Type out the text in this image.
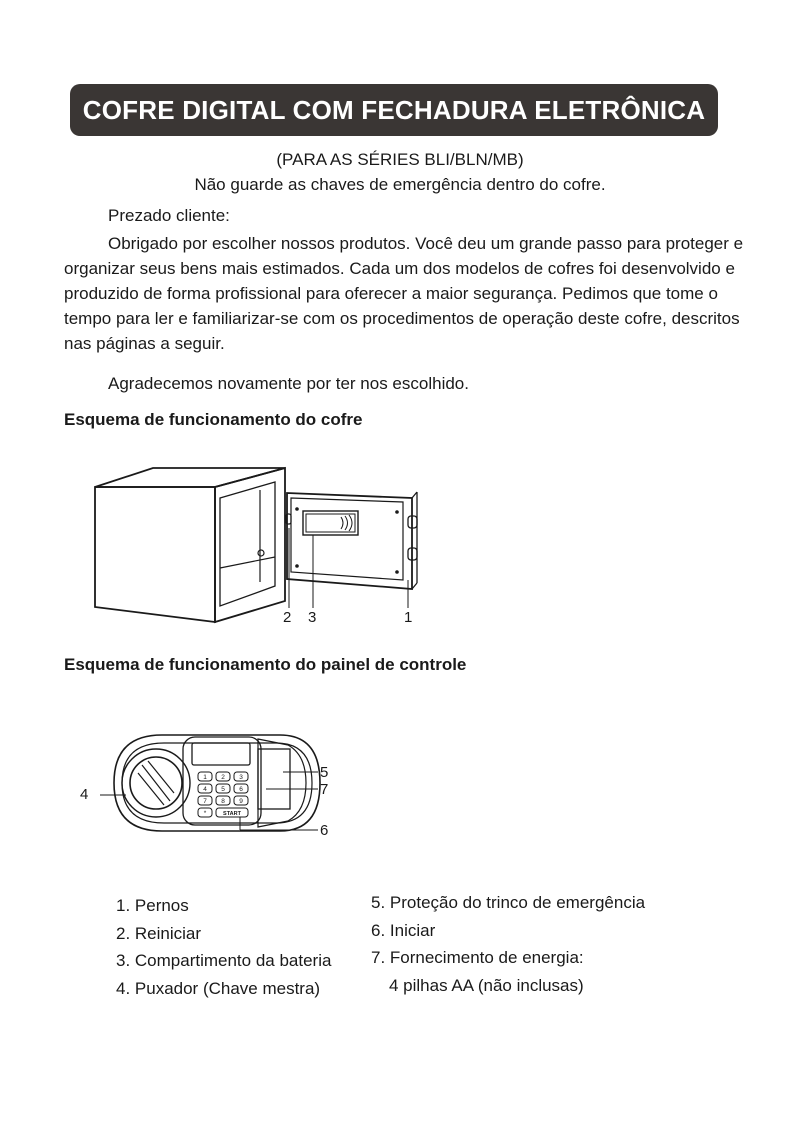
COFRE DIGITAL COM FECHADURA ELETRÔNICA
(PARA AS SÉRIES BLI/BLN/MB)
Não guarde as chaves de emergência dentro do cofre.

Prezado cliente:

Obrigado por escolher nossos produtos. Você deu um grande passo para proteger e organizar seus bens mais estimados. Cada um dos modelos de cofres foi desenvolvido e produzido de forma profissional para oferecer a maior segurança. Pedimos que tome o tempo para ler e familiarizar-se com os procedimentos de operação deste cofre, descritos nas páginas a seguir.

Agradecemos novamente por ter nos escolhido.

Esquema de funcionamento do cofre
2 3	1
Esquema de funcionamento do painel de controle
1 2 3
4 5 6
7 8 9
*	START
4
5
7
6
1. Pernos
2. Reiniciar
3. Compartimento da bateria
4. Puxador (Chave mestra)
5. Proteção do trinco de emergência
6. Iniciar
7. Fornecimento de energia:
4 pilhas AA (não inclusas)
